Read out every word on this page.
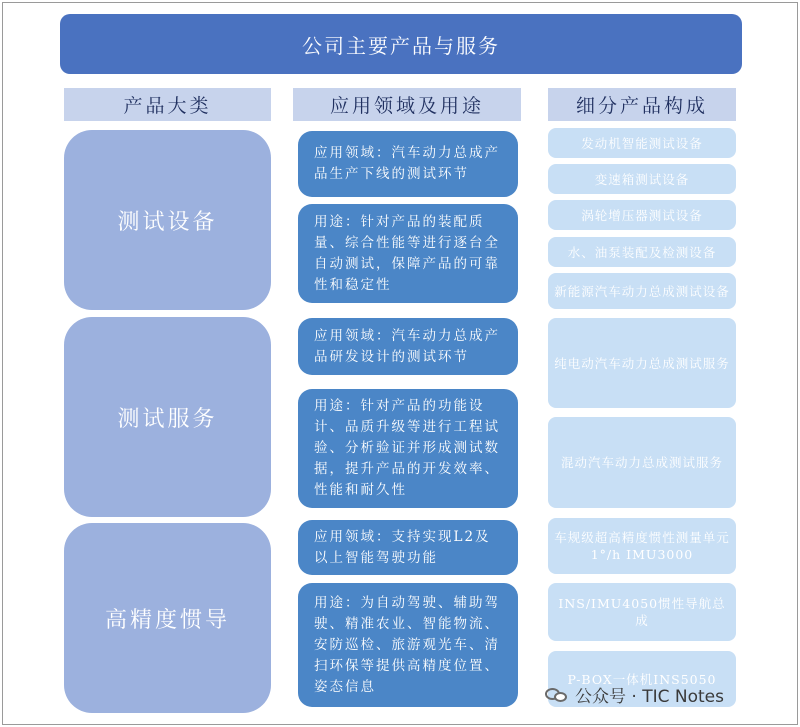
公司主要产品与服务
产品大类	应用领域及用途	细分产品构成
测试设备
测试服务
高精度惯导
应用领域：汽车动力总成产品生产下线的测试环节
用途：针对产品的装配质量、综合性能等进行逐台全自动测试，保障产品的可靠性和稳定性
应用领域：汽车动力总成产品研发设计的测试环节
用途：针对产品的功能设计、品质升级等进行工程试验、分析验证并形成测试数据，提升产品的开发效率、性能和耐久性
应用领域：支持实现L2及以上智能驾驶功能
用途：为自动驾驶、辅助驾驶、精准农业、智能物流、安防巡检、旅游观光车、清扫环保等提供高精度位置、姿态信息
发动机智能测试设备
变速箱测试设备
涡轮增压器测试设备
水、油泵装配及检测设备
新能源汽车动力总成测试设备
纯电动汽车动力总成测试服务
混动汽车动力总成测试服务
车规级超高精度惯性测量单元1°/h IMU3000
INS/IMU4050惯性导航总成
P-BOX一体机INS5050
公众号 · TIC Notes
